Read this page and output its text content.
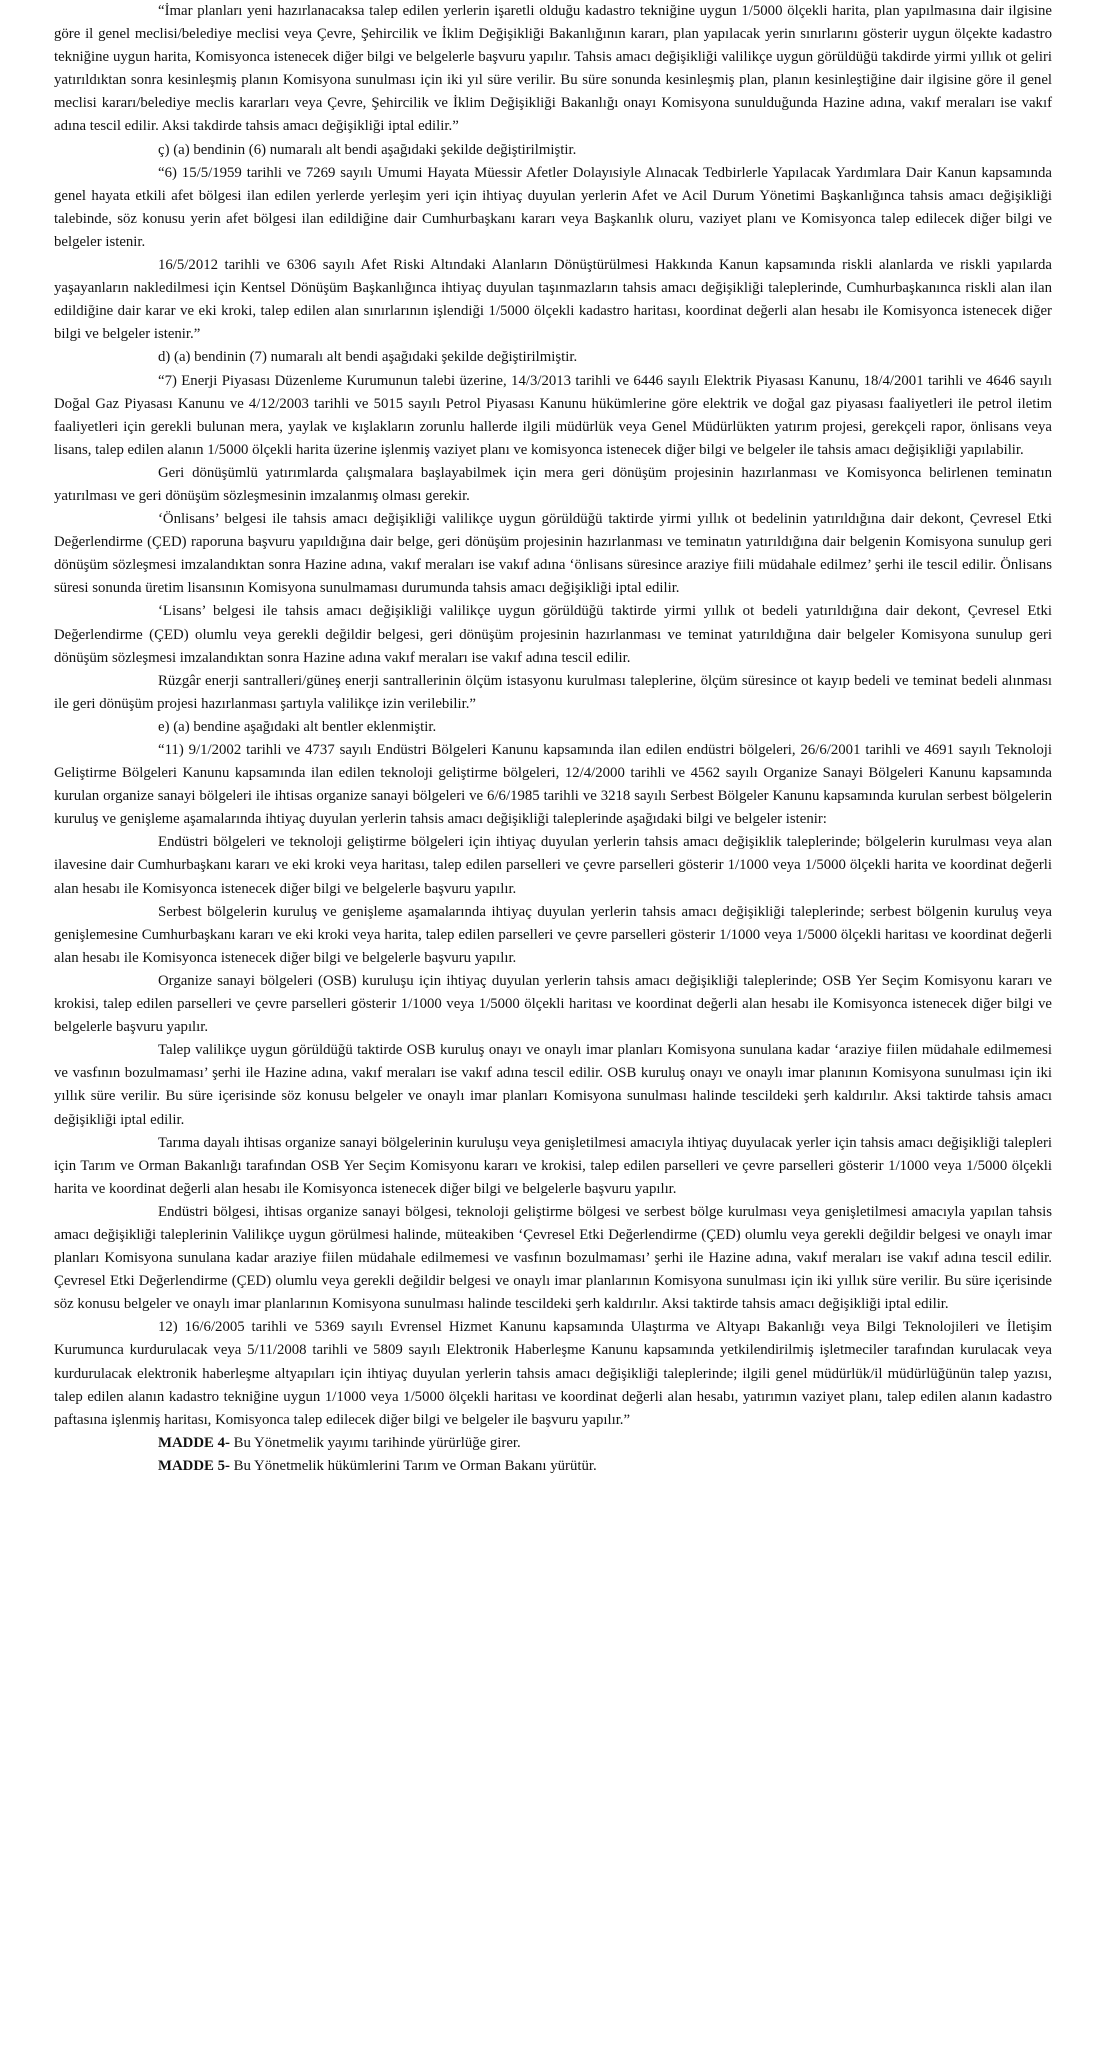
“İmar planları yeni hazırlanacaksa talep edilen yerlerin işaretli olduğu kadastro tekniğine uygun 1/5000 ölçekli harita, plan yapılmasına dair ilgisine göre il genel meclisi/belediye meclisi veya Çevre, Şehircilik ve İklim Değişikliği Bakanlığının kararı, plan yapılacak yerin sınırlarını gösterir uygun ölçekte kadastro tekniğine uygun harita, Komisyonca istenecek diğer bilgi ve belgelerle başvuru yapılır. Tahsis amacı değişikliği valilikçe uygun görüldüğü takdirde yirmi yıllık ot geliri yatırıldıktan sonra kesinleşmiş planın Komisyona sunulması için iki yıl süre verilir. Bu süre sonunda kesinleşmiş plan, planın kesinleştiğine dair ilgisine göre il genel meclisi kararı/belediye meclis kararları veya Çevre, Şehircilik ve İklim Değişikliği Bakanlığı onayı Komisyona sunulduğunda Hazine adına, vakıf meraları ise vakıf adına tescil edilir. Aksi takdirde tahsis amacı değişikliği iptal edilir.”

ç) (a) bendinin (6) numaralı alt bendi aşağıdaki şekilde değiştirilmiştir.

“6) 15/5/1959 tarihli ve 7269 sayılı Umumi Hayata Müessir Afetler Dolayısiyle Alınacak Tedbirlerle Yapılacak Yardımlara Dair Kanun kapsamında genel hayata etkili afet bölgesi ilan edilen yerlerde yerleşim yeri için ihtiyaç duyulan yerlerin Afet ve Acil Durum Yönetimi Başkanlığınca tahsis amacı değişikliği talebinde, söz konusu yerin afet bölgesi ilan edildiğine dair Cumhurbaşkanı kararı veya Başkanlık oluru, vaziyet planı ve Komisyonca talep edilecek diğer bilgi ve belgeler istenir.

16/5/2012 tarihli ve 6306 sayılı Afet Riski Altındaki Alanların Dönüştürülmesi Hakkında Kanun kapsamında riskli alanlarda ve riskli yapılarda yaşayanların nakledilmesi için Kentsel Dönüşüm Başkanlığınca ihtiyaç duyulan taşınmazların tahsis amacı değişikliği taleplerinde, Cumhurbaşkanınca riskli alan ilan edildiğine dair karar ve eki kroki, talep edilen alan sınırlarının işlendiği 1/5000 ölçekli kadastro haritası, koordinat değerli alan hesabı ile Komisyonca istenecek diğer bilgi ve belgeler istenir.”

d) (a) bendinin (7) numaralı alt bendi aşağıdaki şekilde değiştirilmiştir.

“7) Enerji Piyasası Düzenleme Kurumunun talebi üzerine, 14/3/2013 tarihli ve 6446 sayılı Elektrik Piyasası Kanunu, 18/4/2001 tarihli ve 4646 sayılı Doğal Gaz Piyasası Kanunu ve 4/12/2003 tarihli ve 5015 sayılı Petrol Piyasası Kanunu hükümlerine göre elektrik ve doğal gaz piyasası faaliyetleri ile petrol iletim faaliyetleri için gerekli bulunan mera, yaylak ve kışlakların zorunlu hallerde ilgili müdürlük veya Genel Müdürlükten yatırım projesi, gerekçeli rapor, önlisans veya lisans, talep edilen alanın 1/5000 ölçekli harita üzerine işlenmiş vaziyet planı ve komisyonca istenecek diğer bilgi ve belgeler ile tahsis amacı değişikliği yapılabilir.

Geri dönüşümlü yatırımlarda çalışmalara başlayabilmek için mera geri dönüşüm projesinin hazırlanması ve Komisyonca belirlenen teminatın yatırılması ve geri dönüşüm sözleşmesinin imzalanmış olması gerekir.

‘Önlisans’ belgesi ile tahsis amacı değişikliği valilikçe uygun görüldüğü taktirde yirmi yıllık ot bedelinin yatırıldığına dair dekont, Çevresel Etki Değerlendirme (ÇED) raporuna başvuru yapıldığına dair belge, geri dönüşüm projesinin hazırlanması ve teminatın yatırıldığına dair belgenin Komisyona sunulup geri dönüşüm sözleşmesi imzalandıktan sonra Hazine adına, vakıf meraları ise vakıf adına ‘önlisans süresince araziye fiili müdahale edilmez’ şerhi ile tescil edilir. Önlisans süresi sonunda üretim lisansının Komisyona sunulmaması durumunda tahsis amacı değişikliği iptal edilir.

‘Lisans’ belgesi ile tahsis amacı değişikliği valilikçe uygun görüldüğü taktirde yirmi yıllık ot bedeli yatırıldığına dair dekont, Çevresel Etki Değerlendirme (ÇED) olumlu veya gerekli değildir belgesi, geri dönüşüm projesinin hazırlanması ve teminat yatırıldığına dair belgeler Komisyona sunulup geri dönüşüm sözleşmesi imzalandıktan sonra Hazine adına vakıf meraları ise vakıf adına tescil edilir.

Rüzgâr enerji santralleri/güneş enerji santrallerinin ölçüm istasyonu kurulması taleplerine, ölçüm süresince ot kayıp bedeli ve teminat bedeli alınması ile geri dönüşüm projesi hazırlanması şartıyla valilikçe izin verilebilir.”

e) (a) bendine aşağıdaki alt bentler eklenmiştir.

“11) 9/1/2002 tarihli ve 4737 sayılı Endüstri Bölgeleri Kanunu kapsamında ilan edilen endüstri bölgeleri, 26/6/2001 tarihli ve 4691 sayılı Teknoloji Geliştirme Bölgeleri Kanunu kapsamında ilan edilen teknoloji geliştirme bölgeleri, 12/4/2000 tarihli ve 4562 sayılı Organize Sanayi Bölgeleri Kanunu kapsamında kurulan organize sanayi bölgeleri ile ihtisas organize sanayi bölgeleri ve 6/6/1985 tarihli ve 3218 sayılı Serbest Bölgeler Kanunu kapsamında kurulan serbest bölgelerin kuruluş ve genişleme aşamalarında ihtiyaç duyulan yerlerin tahsis amacı değişikliği taleplerinde aşağıdaki bilgi ve belgeler istenir:

Endüstri bölgeleri ve teknoloji geliştirme bölgeleri için ihtiyaç duyulan yerlerin tahsis amacı değişiklik taleplerinde; bölgelerin kurulması veya alan ilavesine dair Cumhurbaşkanı kararı ve eki kroki veya haritası, talep edilen parselleri ve çevre parselleri gösterir 1/1000 veya 1/5000 ölçekli harita ve koordinat değerli alan hesabı ile Komisyonca istenecek diğer bilgi ve belgelerle başvuru yapılır.

Serbest bölgelerin kuruluş ve genişleme aşamalarında ihtiyaç duyulan yerlerin tahsis amacı değişikliği taleplerinde; serbest bölgenin kuruluş veya genişlemesine Cumhurbaşkanı kararı ve eki kroki veya harita, talep edilen parselleri ve çevre parselleri gösterir 1/1000 veya 1/5000 ölçekli haritası ve koordinat değerli alan hesabı ile Komisyonca istenecek diğer bilgi ve belgelerle başvuru yapılır.

Organize sanayi bölgeleri (OSB) kuruluşu için ihtiyaç duyulan yerlerin tahsis amacı değişikliği taleplerinde; OSB Yer Seçim Komisyonu kararı ve krokisi, talep edilen parselleri ve çevre parselleri gösterir 1/1000 veya 1/5000 ölçekli haritası ve koordinat değerli alan hesabı ile Komisyonca istenecek diğer bilgi ve belgelerle başvuru yapılır.

Talep valilikçe uygun görüldüğü taktirde OSB kuruluş onayı ve onaylı imar planları Komisyona sunulana kadar ‘araziye fiilen müdahale edilmemesi ve vasfının bozulmaması’ şerhi ile Hazine adına, vakıf meraları ise vakıf adına tescil edilir. OSB kuruluş onayı ve onaylı imar planının Komisyona sunulması için iki yıllık süre verilir. Bu süre içerisinde söz konusu belgeler ve onaylı imar planları Komisyona sunulması halinde tescildeki şerh kaldırılır. Aksi taktirde tahsis amacı değişikliği iptal edilir.

Tarıma dayalı ihtisas organize sanayi bölgelerinin kuruluşu veya genişletilmesi amacıyla ihtiyaç duyulacak yerler için tahsis amacı değişikliği talepleri için Tarım ve Orman Bakanlığı tarafından OSB Yer Seçim Komisyonu kararı ve krokisi, talep edilen parselleri ve çevre parselleri gösterir 1/1000 veya 1/5000 ölçekli harita ve koordinat değerli alan hesabı ile Komisyonca istenecek diğer bilgi ve belgelerle başvuru yapılır.

Endüstri bölgesi, ihtisas organize sanayi bölgesi, teknoloji geliştirme bölgesi ve serbest bölge kurulması veya genişletilmesi amacıyla yapılan tahsis amacı değişikliği taleplerinin Valilikçe uygun görülmesi halinde, müteakiben ‘Çevresel Etki Değerlendirme (ÇED) olumlu veya gerekli değildir belgesi ve onaylı imar planları Komisyona sunulana kadar araziye fiilen müdahale edilmemesi ve vasfının bozulmaması’ şerhi ile Hazine adına, vakıf meraları ise vakıf adına tescil edilir. Çevresel Etki Değerlendirme (ÇED) olumlu veya gerekli değildir belgesi ve onaylı imar planlarının Komisyona sunulması için iki yıllık süre verilir. Bu süre içerisinde söz konusu belgeler ve onaylı imar planlarının Komisyona sunulması halinde tescildeki şerh kaldırılır. Aksi taktirde tahsis amacı değişikliği iptal edilir.

12) 16/6/2005 tarihli ve 5369 sayılı Evrensel Hizmet Kanunu kapsamında Ulaştırma ve Altyapı Bakanlığı veya Bilgi Teknolojileri ve İletişim Kurumunca kurdurulacak veya 5/11/2008 tarihli ve 5809 sayılı Elektronik Haberleşme Kanunu kapsamında yetkilendirilmiş işletmeciler tarafından kurulacak veya kurdurulacak elektronik haberleşme altyapıları için ihtiyaç duyulan yerlerin tahsis amacı değişikliği taleplerinde; ilgili genel müdürlük/il müdürlüğünün talep yazısı, talep edilen alanın kadastro tekniğine uygun 1/1000 veya 1/5000 ölçekli haritası ve koordinat değerli alan hesabı, yatırımın vaziyet planı, talep edilen alanın kadastro paftasına işlenmiş haritası, Komisyonca talep edilecek diğer bilgi ve belgeler ile başvuru yapılır.”

MADDE 4- Bu Yönetmelik yayımı tarihinde yürürlüğe girer.

MADDE 5- Bu Yönetmelik hükümlerini Tarım ve Orman Bakanı yürütür.
